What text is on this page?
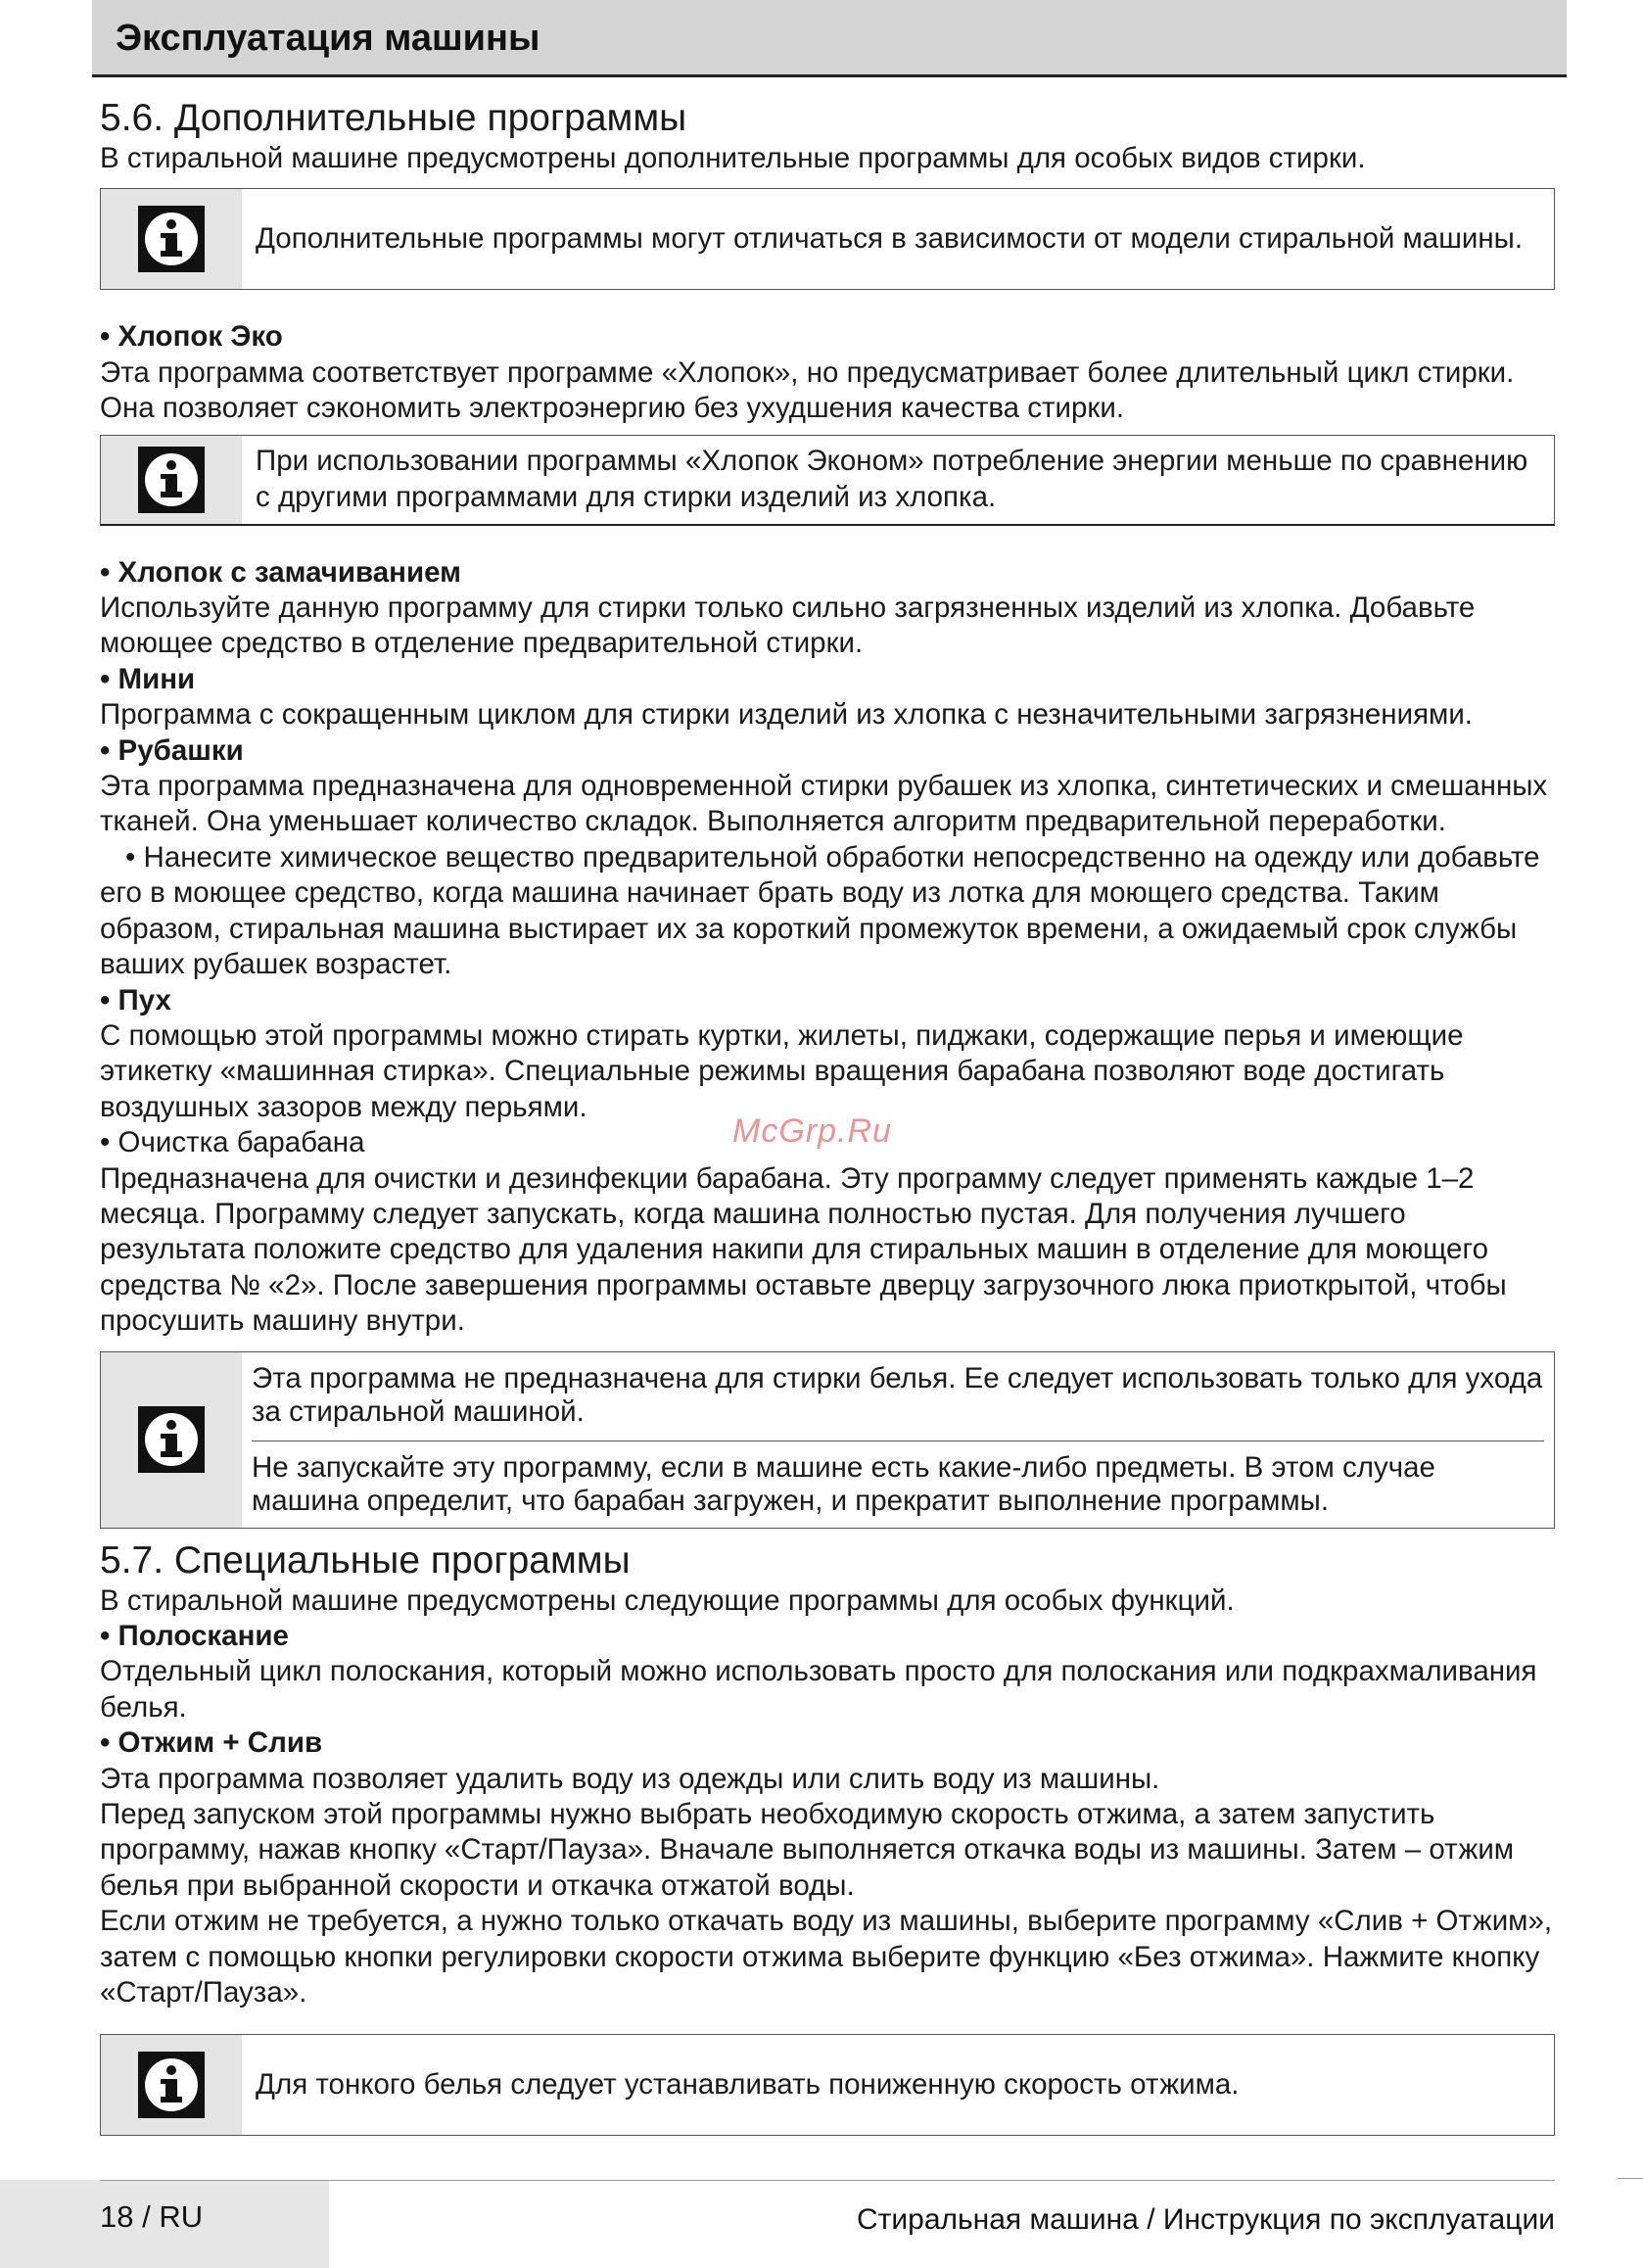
Эксплуатация машины
5.6. Дополнительные программы

В стиральной машине предусмотрены дополнительные программы для особых видов стирки.

Дополнительные программы могут отличаться в зависимости от модели стиральной машины.

• Хлопок Эко

Эта программа соответствует программе «Хлопок», но предусматривает более длительный цикл стирки. Она позволяет сэкономить электроэнергию без ухудшения качества стирки.

При использовании программы «Хлопок Эконом» потребление энергии меньше по сравнению с другими программами для стирки изделий из хлопка.

• Хлопок с замачиванием

Используйте данную программу для стирки только сильно загрязненных изделий из хлопка. Добавьте моющее средство в отделение предварительной стирки.

• Мини

Программа с сокращенным циклом для стирки изделий из хлопка с незначительными загрязнениями.

• Рубашки

Эта программа предназначена для одновременной стирки рубашек из хлопка, синтетических и смешанных тканей. Она уменьшает количество складок. Выполняется алгоритм предварительной переработки.

• Нанесите химическое вещество предварительной обработки непосредственно на одежду или добавьте его в моющее средство, когда машина начинает брать воду из лотка для моющего средства. Таким образом, стиральная машина выстирает их за короткий промежуток времени, а ожидаемый срок службы ваших рубашек возрастет.

• Пух

С помощью этой программы можно стирать куртки, жилеты, пиджаки, содержащие перья и имеющие этикетку «машинная стирка». Специальные режимы вращения барабана позволяют воде достигать воздушных зазоров между перьями.

• Очистка барабана

Предназначена для очистки и дезинфекции барабана. Эту программу следует применять каждые 1–2 месяца. Программу следует запускать, когда машина полностью пустая. Для получения лучшего результата положите средство для удаления накипи для стиральных машин в отделение для моющего средства № «2». После завершения программы оставьте дверцу загрузочного люка приоткрытой, чтобы просушить машину внутри.

Эта программа не предназначена для стирки белья. Ее следует использовать только для ухода за стиральной машиной.
Не запускайте эту программу, если в машине есть какие-либо предметы. В этом случае машина определит, что барабан загружен, и прекратит выполнение программы.
5.7. Специальные программы

В стиральной машине предусмотрены следующие программы для особых функций.

• Полоскание

Отдельный цикл полоскания, который можно использовать просто для полоскания или подкрахмаливания белья.

• Отжим + Слив

Эта программа позволяет удалить воду из одежды или слить воду из машины.

Перед запуском этой программы нужно выбрать необходимую скорость отжима, а затем запустить программу, нажав кнопку «Старт/Пауза». Вначале выполняется откачка воды из машины. Затем – отжим белья при выбранной скорости и откачка отжатой воды.

Если отжим не требуется, а нужно только откачать воду из машины, выберите программу «Слив + Отжим», затем с помощью кнопки регулировки скорости отжима выберите функцию «Без отжима». Нажмите кнопку «Старт/Пауза».

Для тонкого белья следует устанавливать пониженную скорость отжима.
McGrp.Ru
18 / RU	Стиральная машина / Инструкция по эксплуатации
